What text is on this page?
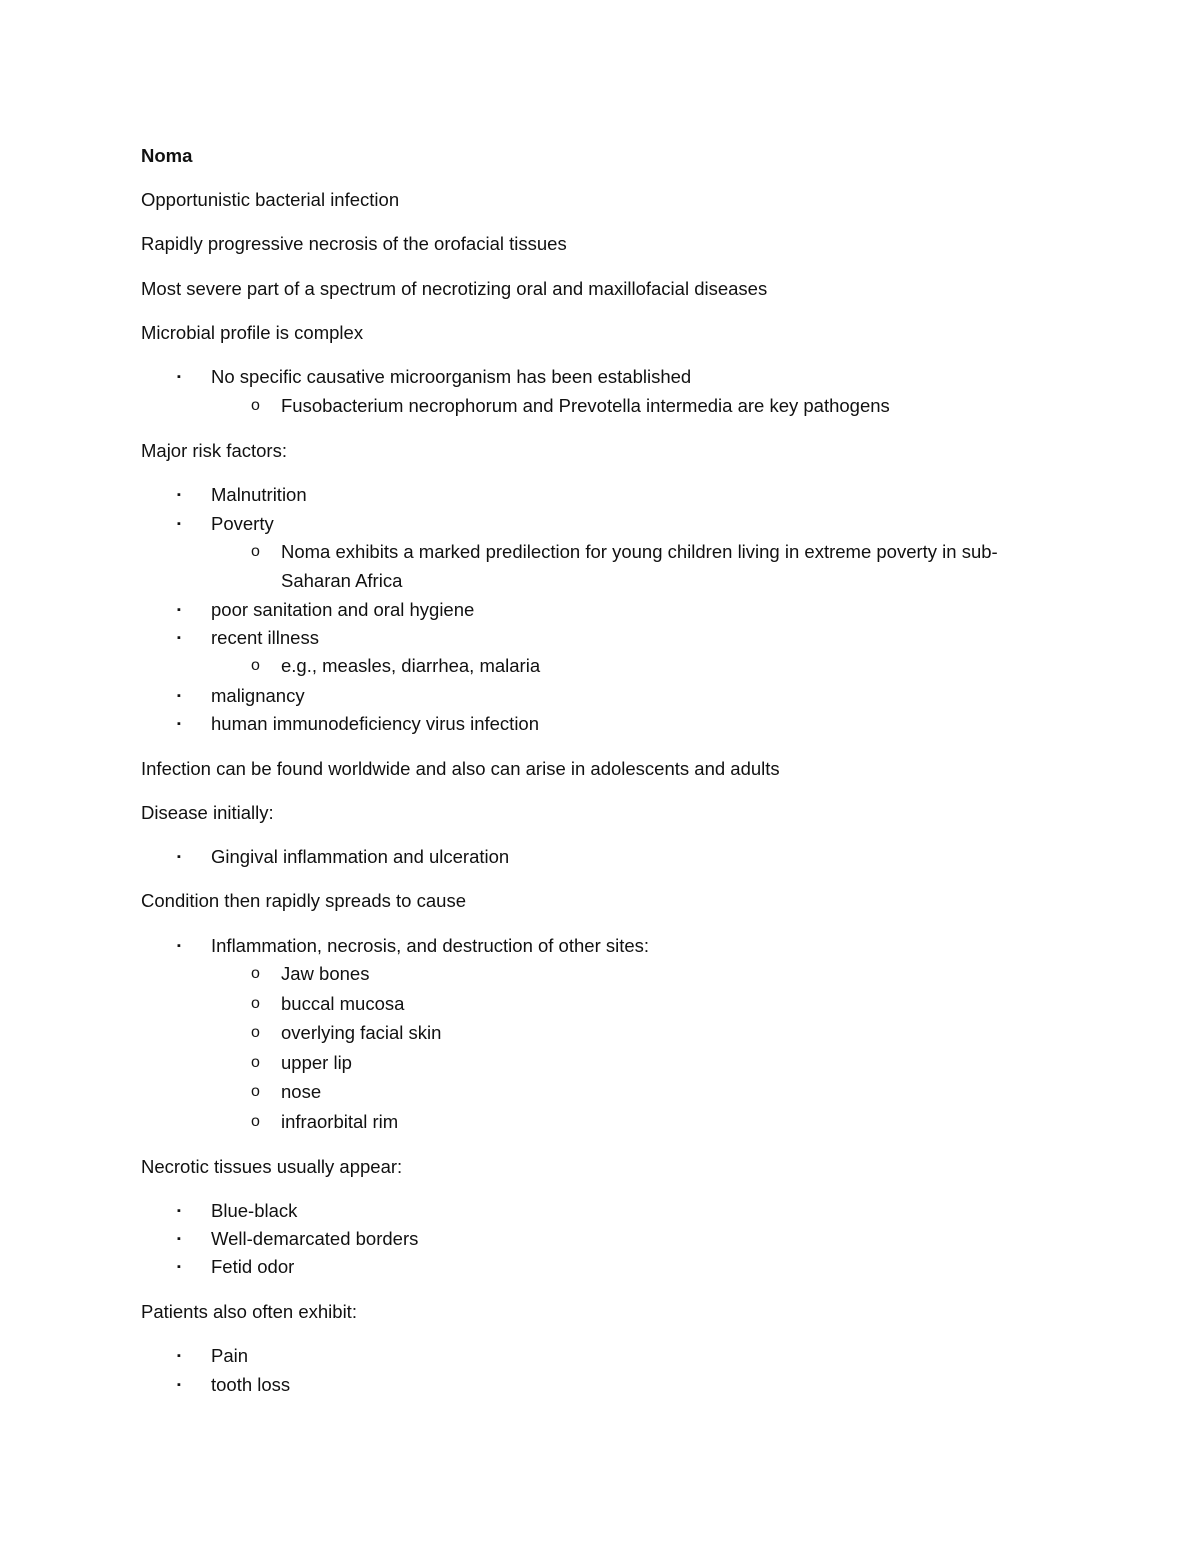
Noma
Opportunistic bacterial infection
Rapidly progressive necrosis of the orofacial tissues
Most severe part of a spectrum of necrotizing oral and maxillofacial diseases
Microbial profile is complex
▪ No specific causative microorganism has been established
o Fusobacterium necrophorum and Prevotella intermedia are key pathogens
Major risk factors:
▪ Malnutrition
▪ Poverty
o Noma exhibits a marked predilection for young children living in extreme poverty in sub-
Saharan Africa
▪ poor sanitation and oral hygiene
▪ recent illness
o e.g., measles, diarrhea, malaria
▪ malignancy
▪ human immunodeficiency virus infection
Infection can be found worldwide and also can arise in adolescents and adults
Disease initially:
▪ Gingival inflammation and ulceration
Condition then rapidly spreads to cause
▪ Inflammation, necrosis, and destruction of other sites:
o Jaw bones
o buccal mucosa
o overlying facial skin
o upper lip
o nose
o infraorbital rim
Necrotic tissues usually appear:
▪ Blue-black
▪ Well-demarcated borders
▪ Fetid odor
Patients also often exhibit:
▪ Pain
▪ tooth loss
